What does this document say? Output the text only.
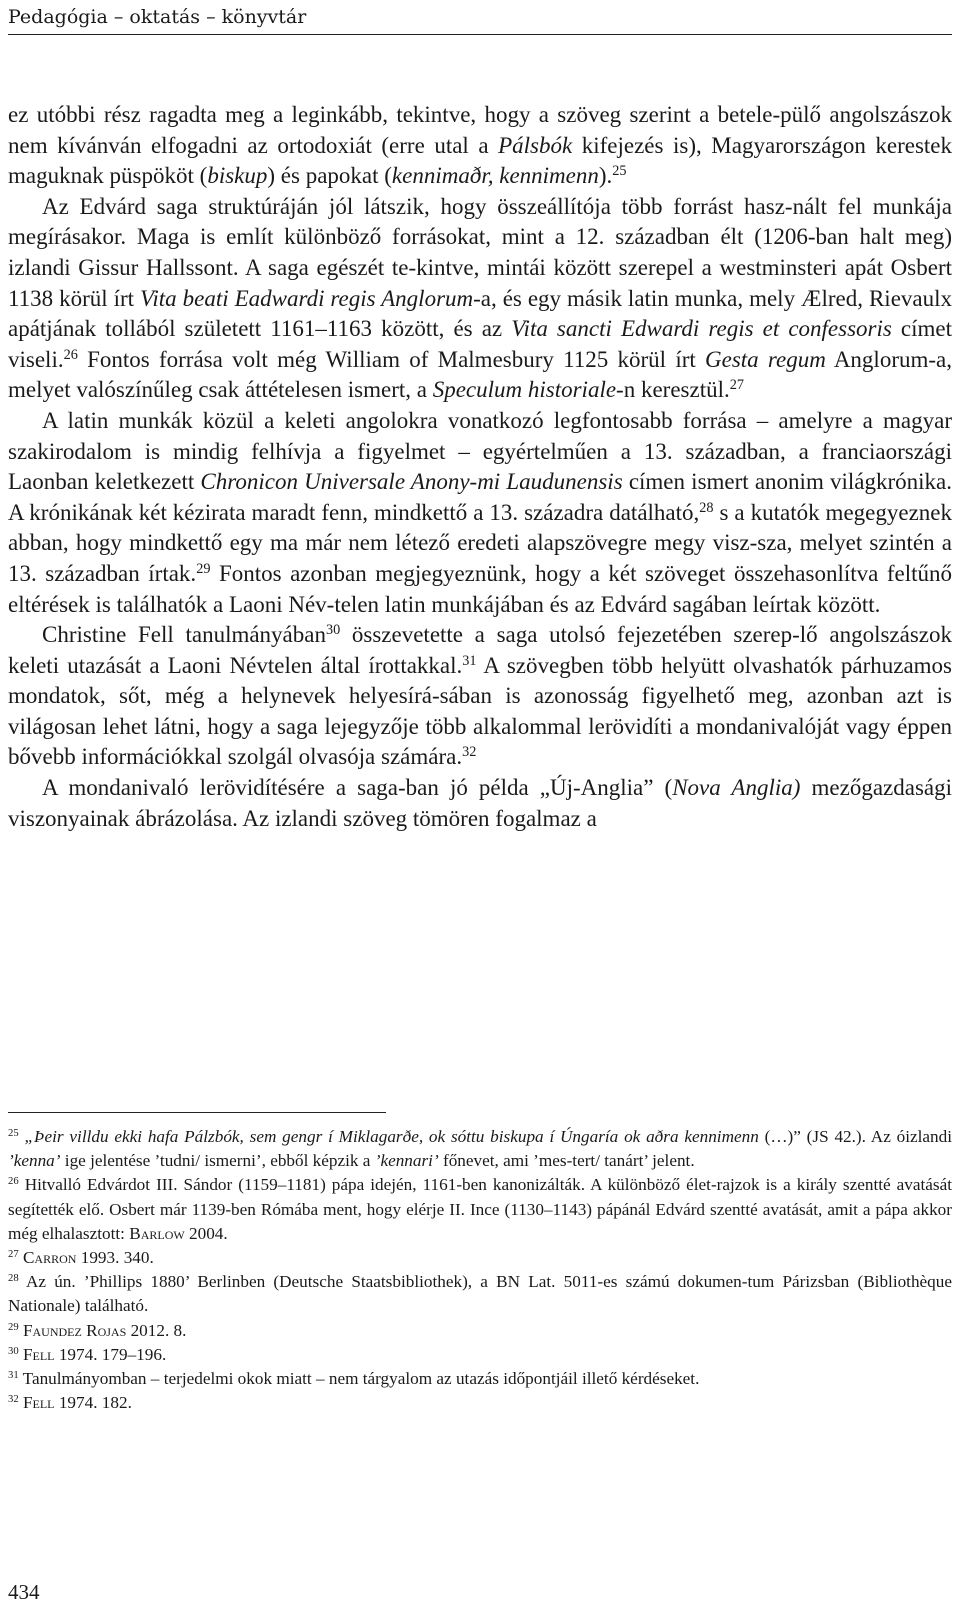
Pedagógia – oktatás – könyvtár

ez utóbbi rész ragadta meg a leginkább, tekintve, hogy a szöveg szerint a betele-pülő angolszászok nem kívánván elfogadni az ortodoxiát (erre utal a Pálsbók kifejezés is), Magyarországon kerestek maguknak püspököt (biskup) és papokat (kennimaðr, kennimenn).$^{25}$

Az Edvárd saga struktúráján jól látszik, hogy összeállítója több forrást hasz-nált fel munkája megírásakor. Maga is említ különböző forrásokat, mint a 12. században élt (1206-ban halt meg) izlandi Gissur Hallssont. A saga egészét te-kintve, mintái között szerepel a westminsteri apát Osbert 1138 körül írt Vita beati Eadwardi regis Anglorum-a, és egy másik latin munka, mely Ælred, Rievaulx apátjának tollából született 1161–1163 között, és az Vita sancti Edwardi regis et confessoris címet viseli.$^{26}$ Fontos forrása volt még William of Malmesbury 1125 körül írt Gesta regum Anglorum-a, melyet valószínűleg csak áttételesen ismert, a Speculum historiale-n keresztül.$^{27}$

A latin munkák közül a keleti angolokra vonatkozó legfontosabb forrása – amelyre a magyar szakirodalom is mindig felhívja a figyelmet – egyértelműen a 13. században, a franciaországi Laonban keletkezett Chronicon Universale Anony-mi Laudunensis címen ismert anonim világkrónika. A krónikának két kézirata maradt fenn, mindkettő a 13. századra datálható,$^{28}$ s a kutatók megegyeznek abban, hogy mindkettő egy ma már nem létező eredeti alapszövegre megy visz-sza, melyet szintén a 13. században írtak.$^{29}$ Fontos azonban megjegyeznünk, hogy a két szöveget összehasonlítva feltűnő eltérések is találhatók a Laoni Név-telen latin munkájában és az Edvárd sagában leírtak között.

Christine Fell tanulmányában$^{30}$ összevetette a saga utolsó fejezetében szerep-lő angolszászok keleti utazását a Laoni Névtelen által írottakkal.$^{31}$ A szövegben több helyütt olvashatók párhuzamos mondatok, sőt, még a helynevek helyesírá-sában is azonosság figyelhető meg, azonban azt is világosan lehet látni, hogy a saga lejegyzője több alkalommal lerövidíti a mondanivalóját vagy éppen bővebb információkkal szolgál olvasója számára.$^{32}$

A mondanivaló lerövidítésére a saga-ban jó példa „Új-Anglia” (Nova Anglia) mezőgazdasági viszonyainak ábrázolása. Az izlandi szöveg tömören fogalmaz a

$^{25}$ „Þeir villdu ekki hafa Pálzbók, sem gengr í Miklagarðe, ok sóttu biskupa í Úngaría ok aðra kennimenn (…)” (JS 42.). Az óizlandi ’kenna’ ige jelentése ’tudni/ ismerni’, ebből képzik a ’kennari’ főnevet, ami ’mes-tert/ tanárt’ jelent.

$^{26}$ Hitvalló Edvárdot III. Sándor (1159–1181) pápa idején, 1161-ben kanonizálták. A különböző élet-rajzok is a király szentté avatását segítették elő. Osbert már 1139-ben Rómába ment, hogy elérje II. Ince (1130–1143) pápánál Edvárd szentté avatását, amit a pápa akkor még elhalasztott: Barlow 2004.

$^{27}$ Carron 1993. 340.

$^{28}$ Az ún. ’Phillips 1880’ Berlinben (Deutsche Staatsbibliothek), a BN Lat. 5011-es számú dokumen-tum Párizsban (Bibliothèque Nationale) található.

$^{29}$ Faundez Rojas 2012. 8.

$^{30}$ Fell 1974. 179–196.

$^{31}$ Tanulmányomban – terjedelmi okok miatt – nem tárgyalom az utazás időpontjáil illető kérdéseket.

$^{32}$ Fell 1974. 182.

434
